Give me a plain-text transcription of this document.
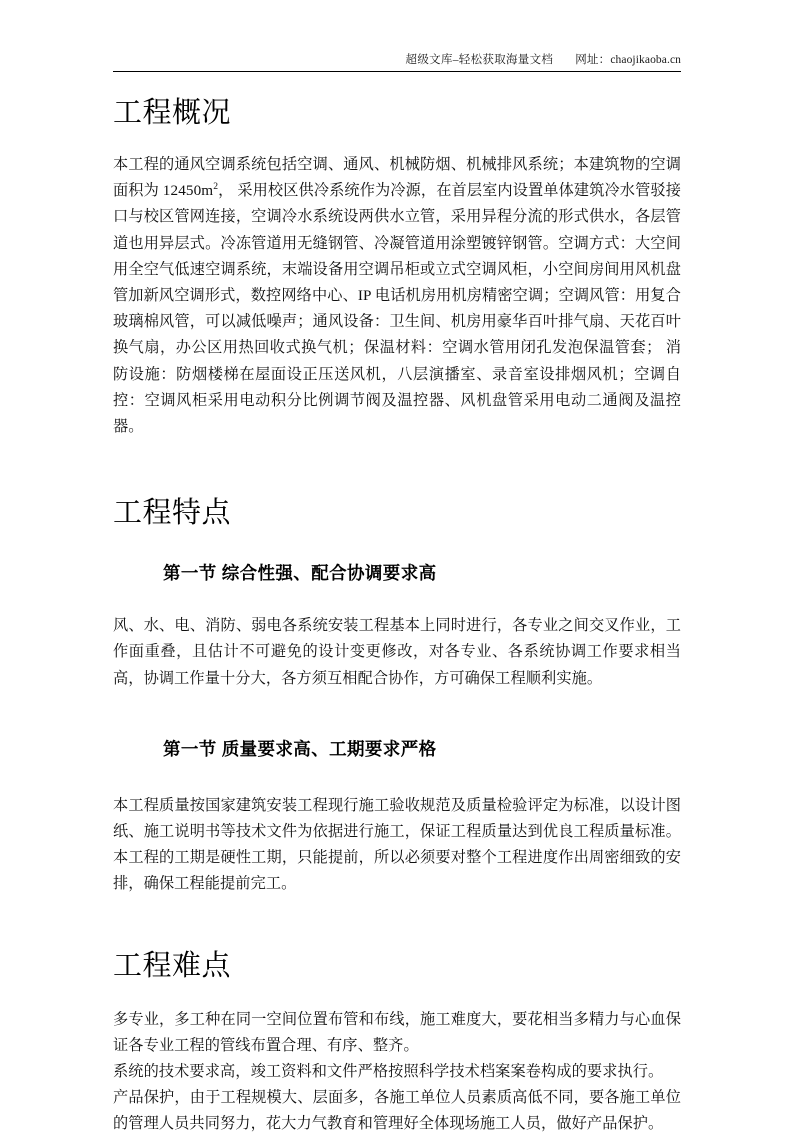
超级文库–轻松获取海量文档 网址：chaojikaoba.cn
工程概况

本工程的通风空调系统包括空调、通风、机械防烟、机械排风系统；本建筑物的空调面积为 $12450m^2$， 采用校区供冷系统作为冷源，在首层室内设置单体建筑冷水管驳接口与校区管网连接，空调冷水系统设两供水立管，采用异程分流的形式供水，各层管道也用异层式。冷冻管道用无缝钢管、冷凝管道用涂塑镀锌钢管。空调方式：大空间用全空气低速空调系统，末端设备用空调吊柜或立式空调风柜，小空间房间用风机盘管加新风空调形式，数控网络中心、IP 电话机房用机房精密空调；空调风管：用复合玻璃棉风管，可以减低噪声；通风设备：卫生间、机房用豪华百叶排气扇、天花百叶换气扇，办公区用热回收式换气机；保温材料：空调水管用闭孔发泡保温管套； 消防设施：防烟楼梯在屋面设正压送风机，八层演播室、录音室设排烟风机；空调自控：空调风柜采用电动积分比例调节阀及温控器、风机盘管采用电动二通阀及温控器。

工程特点
第一节 综合性强、配合协调要求高

风、水、电、消防、弱电各系统安装工程基本上同时进行，各专业之间交叉作业，工作面重叠，且估计不可避免的设计变更修改，对各专业、各系统协调工作要求相当高，协调工作量十分大，各方须互相配合协作，方可确保工程顺利实施。

第一节 质量要求高、工期要求严格

本工程质量按国家建筑安装工程现行施工验收规范及质量检验评定为标准，以设计图纸、施工说明书等技术文件为依据进行施工，保证工程质量达到优良工程质量标准。本工程的工期是硬性工期，只能提前，所以必须要对整个工程进度作出周密细致的安排，确保工程能提前完工。

工程难点

多专业，多工种在同一空间位置布管和布线，施工难度大，要花相当多精力与心血保证各专业工程的管线布置合理、有序、整齐。

系统的技术要求高，竣工资料和文件严格按照科学技术档案案卷构成的要求执行。

产品保护，由于工程规模大、层面多，各施工单位人员素质高低不同，要各施工单位的管理人员共同努力，花大力气教育和管理好全体现场施工人员，做好产品保护。
